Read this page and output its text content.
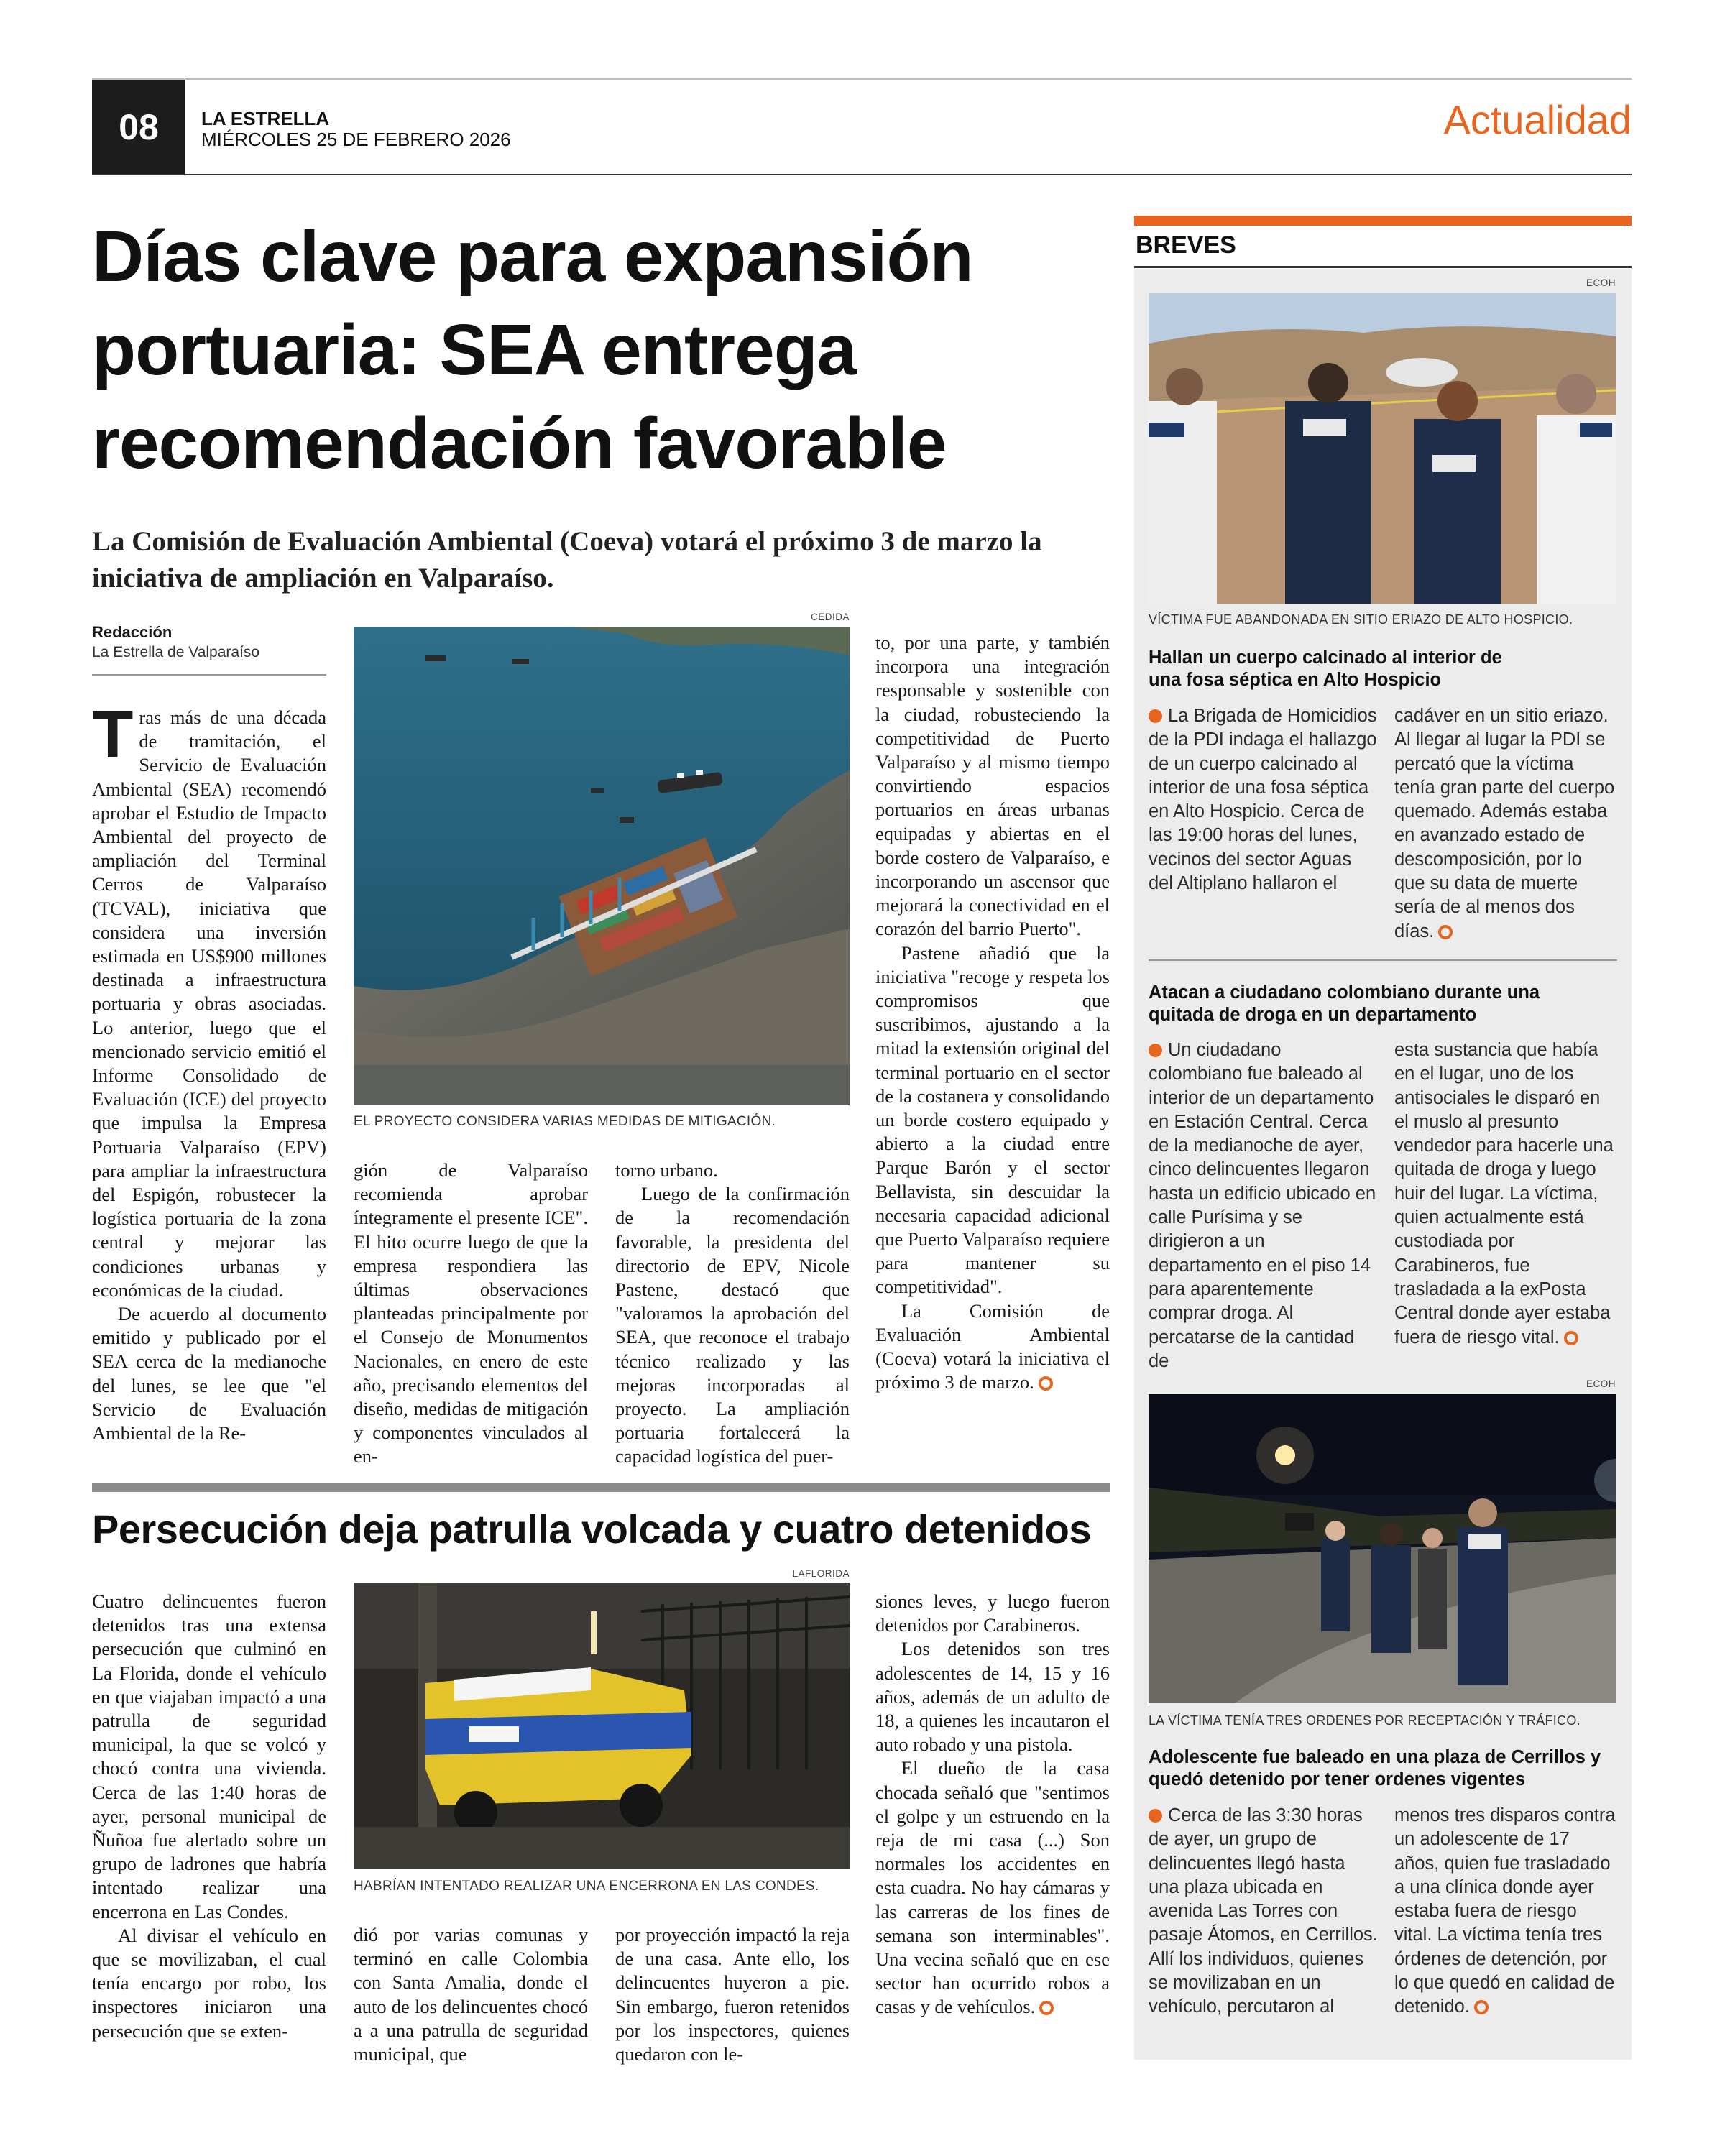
08	LA ESTRELLA
MIÉRCOLES 25 DE FEBRERO 2026	Actualidad
Días clave para expansión portuaria: SEA entrega recomendación favorable
La Comisión de Evaluación Ambiental (Coeva) votará el próximo 3 de marzo la iniciativa de ampliación en Valparaíso.
Redacción
La Estrella de Valparaíso
CEDIDA
EL PROYECTO CONSIDERA VARIAS MEDIDAS DE MITIGACIÓN.

Tras más de una década de tramitación, el Servicio de Evaluación Ambiental (SEA) recomendó aprobar el Estudio de Impacto Ambiental del proyecto de ampliación del Terminal Cerros de Valparaíso (TCVAL), iniciativa que considera una inversión estimada en US$900 millones destinada a infraestructura portuaria y obras asociadas. Lo anterior, luego que el mencionado servicio emitió el Informe Consolidado de Evaluación (ICE) del proyecto que impulsa la Empresa Portuaria Valparaíso (EPV) para ampliar la infraestructura del Espigón, robustecer la logística portuaria de la zona central y mejorar las condiciones urbanas y económicas de la ciudad.

De acuerdo al documento emitido y publicado por el SEA cerca de la medianoche del lunes, se lee que "el Servicio de Evaluación Ambiental de la Re-

gión de Valparaíso recomienda aprobar íntegramente el presente ICE". El hito ocurre luego de que la empresa respondiera las últimas observaciones planteadas principalmente por el Consejo de Monumentos Nacionales, en enero de este año, precisando elementos del diseño, medidas de mitigación y componentes vinculados al en-

torno urbano.

Luego de la confirmación de la recomendación favorable, la presidenta del directorio de EPV, Nicole Pastene, destacó que "valoramos la aprobación del SEA, que reconoce el trabajo técnico realizado y las mejoras incorporadas al proyecto. La ampliación portuaria fortalecerá la capacidad logística del puer-

to, por una parte, y también incorpora una integración responsable y sostenible con la ciudad, robusteciendo la competitividad de Puerto Valparaíso y al mismo tiempo convirtiendo espacios portuarios en áreas urbanas equipadas y abiertas en el borde costero de Valparaíso, e incorporando un ascensor que mejorará la conectividad en el corazón del barrio Puerto".

Pastene añadió que la iniciativa "recoge y respeta los compromisos que suscribimos, ajustando a la mitad la extensión original del terminal portuario en el sector de la costanera y consolidando un borde costero equipado y abierto a la ciudad entre Parque Barón y el sector Bellavista, sin descuidar la necesaria capacidad adicional que Puerto Valparaíso requiere para mantener su competitividad".

La Comisión de Evaluación Ambiental (Coeva) votará la iniciativa el próximo 3 de marzo.

Persecución deja patrulla volcada y cuatro detenidos
LAFLORIDA
HABRÍAN INTENTADO REALIZAR UNA ENCERRONA EN LAS CONDES.

Cuatro delincuentes fueron detenidos tras una extensa persecución que culminó en La Florida, donde el vehículo en que viajaban impactó a una patrulla de seguridad municipal, la que se volcó y chocó contra una vivienda. Cerca de las 1:40 horas de ayer, personal municipal de Ñuñoa fue alertado sobre un grupo de ladrones que habría intentado realizar una encerrona en Las Condes.

Al divisar el vehículo en que se movilizaban, el cual tenía encargo por robo, los inspectores iniciaron una persecución que se exten-

dió por varias comunas y terminó en calle Colombia con Santa Amalia, donde el auto de los delincuentes chocó a a una patrulla de seguridad municipal, que

por proyección impactó la reja de una casa. Ante ello, los delincuentes huyeron a pie. Sin embargo, fueron retenidos por los inspectores, quienes quedaron con le-

siones leves, y luego fueron detenidos por Carabineros.

Los detenidos son tres adolescentes de 14, 15 y 16 años, además de un adulto de 18, a quienes les incautaron el auto robado y una pistola.

El dueño de la casa chocada señaló que "sentimos el golpe y un estruendo en la reja de mi casa (...) Son normales los accidentes en esta cuadra. No hay cámaras y las carreras de los fines de semana son interminables". Una vecina señaló que en ese sector han ocurrido robos a casas y de vehículos.

BREVES
ECOH
VÍCTIMA FUE ABANDONADA EN SITIO ERIAZO DE ALTO HOSPICIO.
Hallan un cuerpo calcinado al interior de una fosa séptica en Alto Hospicio
La Brigada de Homicidios de la PDI indaga el hallazgo de un cuerpo calcinado al interior de una fosa séptica en Alto Hospicio. Cerca de las 19:00 horas del lunes, vecinos del sector Aguas del Altiplano hallaron el
cadáver en un sitio eriazo. Al llegar al lugar la PDI se percató que la víctima tenía gran parte del cuerpo quemado. Además estaba en avanzado estado de descomposición, por lo que su data de muerte sería de al menos dos días.
Atacan a ciudadano colombiano durante una quitada de droga en un departamento
Un ciudadano colombiano fue baleado al interior de un departamento en Estación Central. Cerca de la medianoche de ayer, cinco delincuentes llegaron hasta un edificio ubicado en calle Purísima y se dirigieron a un departamento en el piso 14 para aparentemente comprar droga. Al percatarse de la cantidad de
esta sustancia que había en el lugar, uno de los antisociales le disparó en el muslo al presunto vendedor para hacerle una quitada de droga y luego huir del lugar. La víctima, quien actualmente está custodiada por Carabineros, fue trasladada a la exPosta Central donde ayer estaba fuera de riesgo vital.
ECOH
LA VÍCTIMA TENÍA TRES ORDENES POR RECEPTACIÓN Y TRÁFICO.
Adolescente fue baleado en una plaza de Cerrillos y quedó detenido por tener ordenes vigentes
Cerca de las 3:30 horas de ayer, un grupo de delincuentes llegó hasta una plaza ubicada en avenida Las Torres con pasaje Átomos, en Cerrillos. Allí los individuos, quienes se movilizaban en un vehículo, percutaron al
menos tres disparos contra un adolescente de 17 años, quien fue trasladado a una clínica donde ayer estaba fuera de riesgo vital. La víctima tenía tres órdenes de detención, por lo que quedó en calidad de detenido.
